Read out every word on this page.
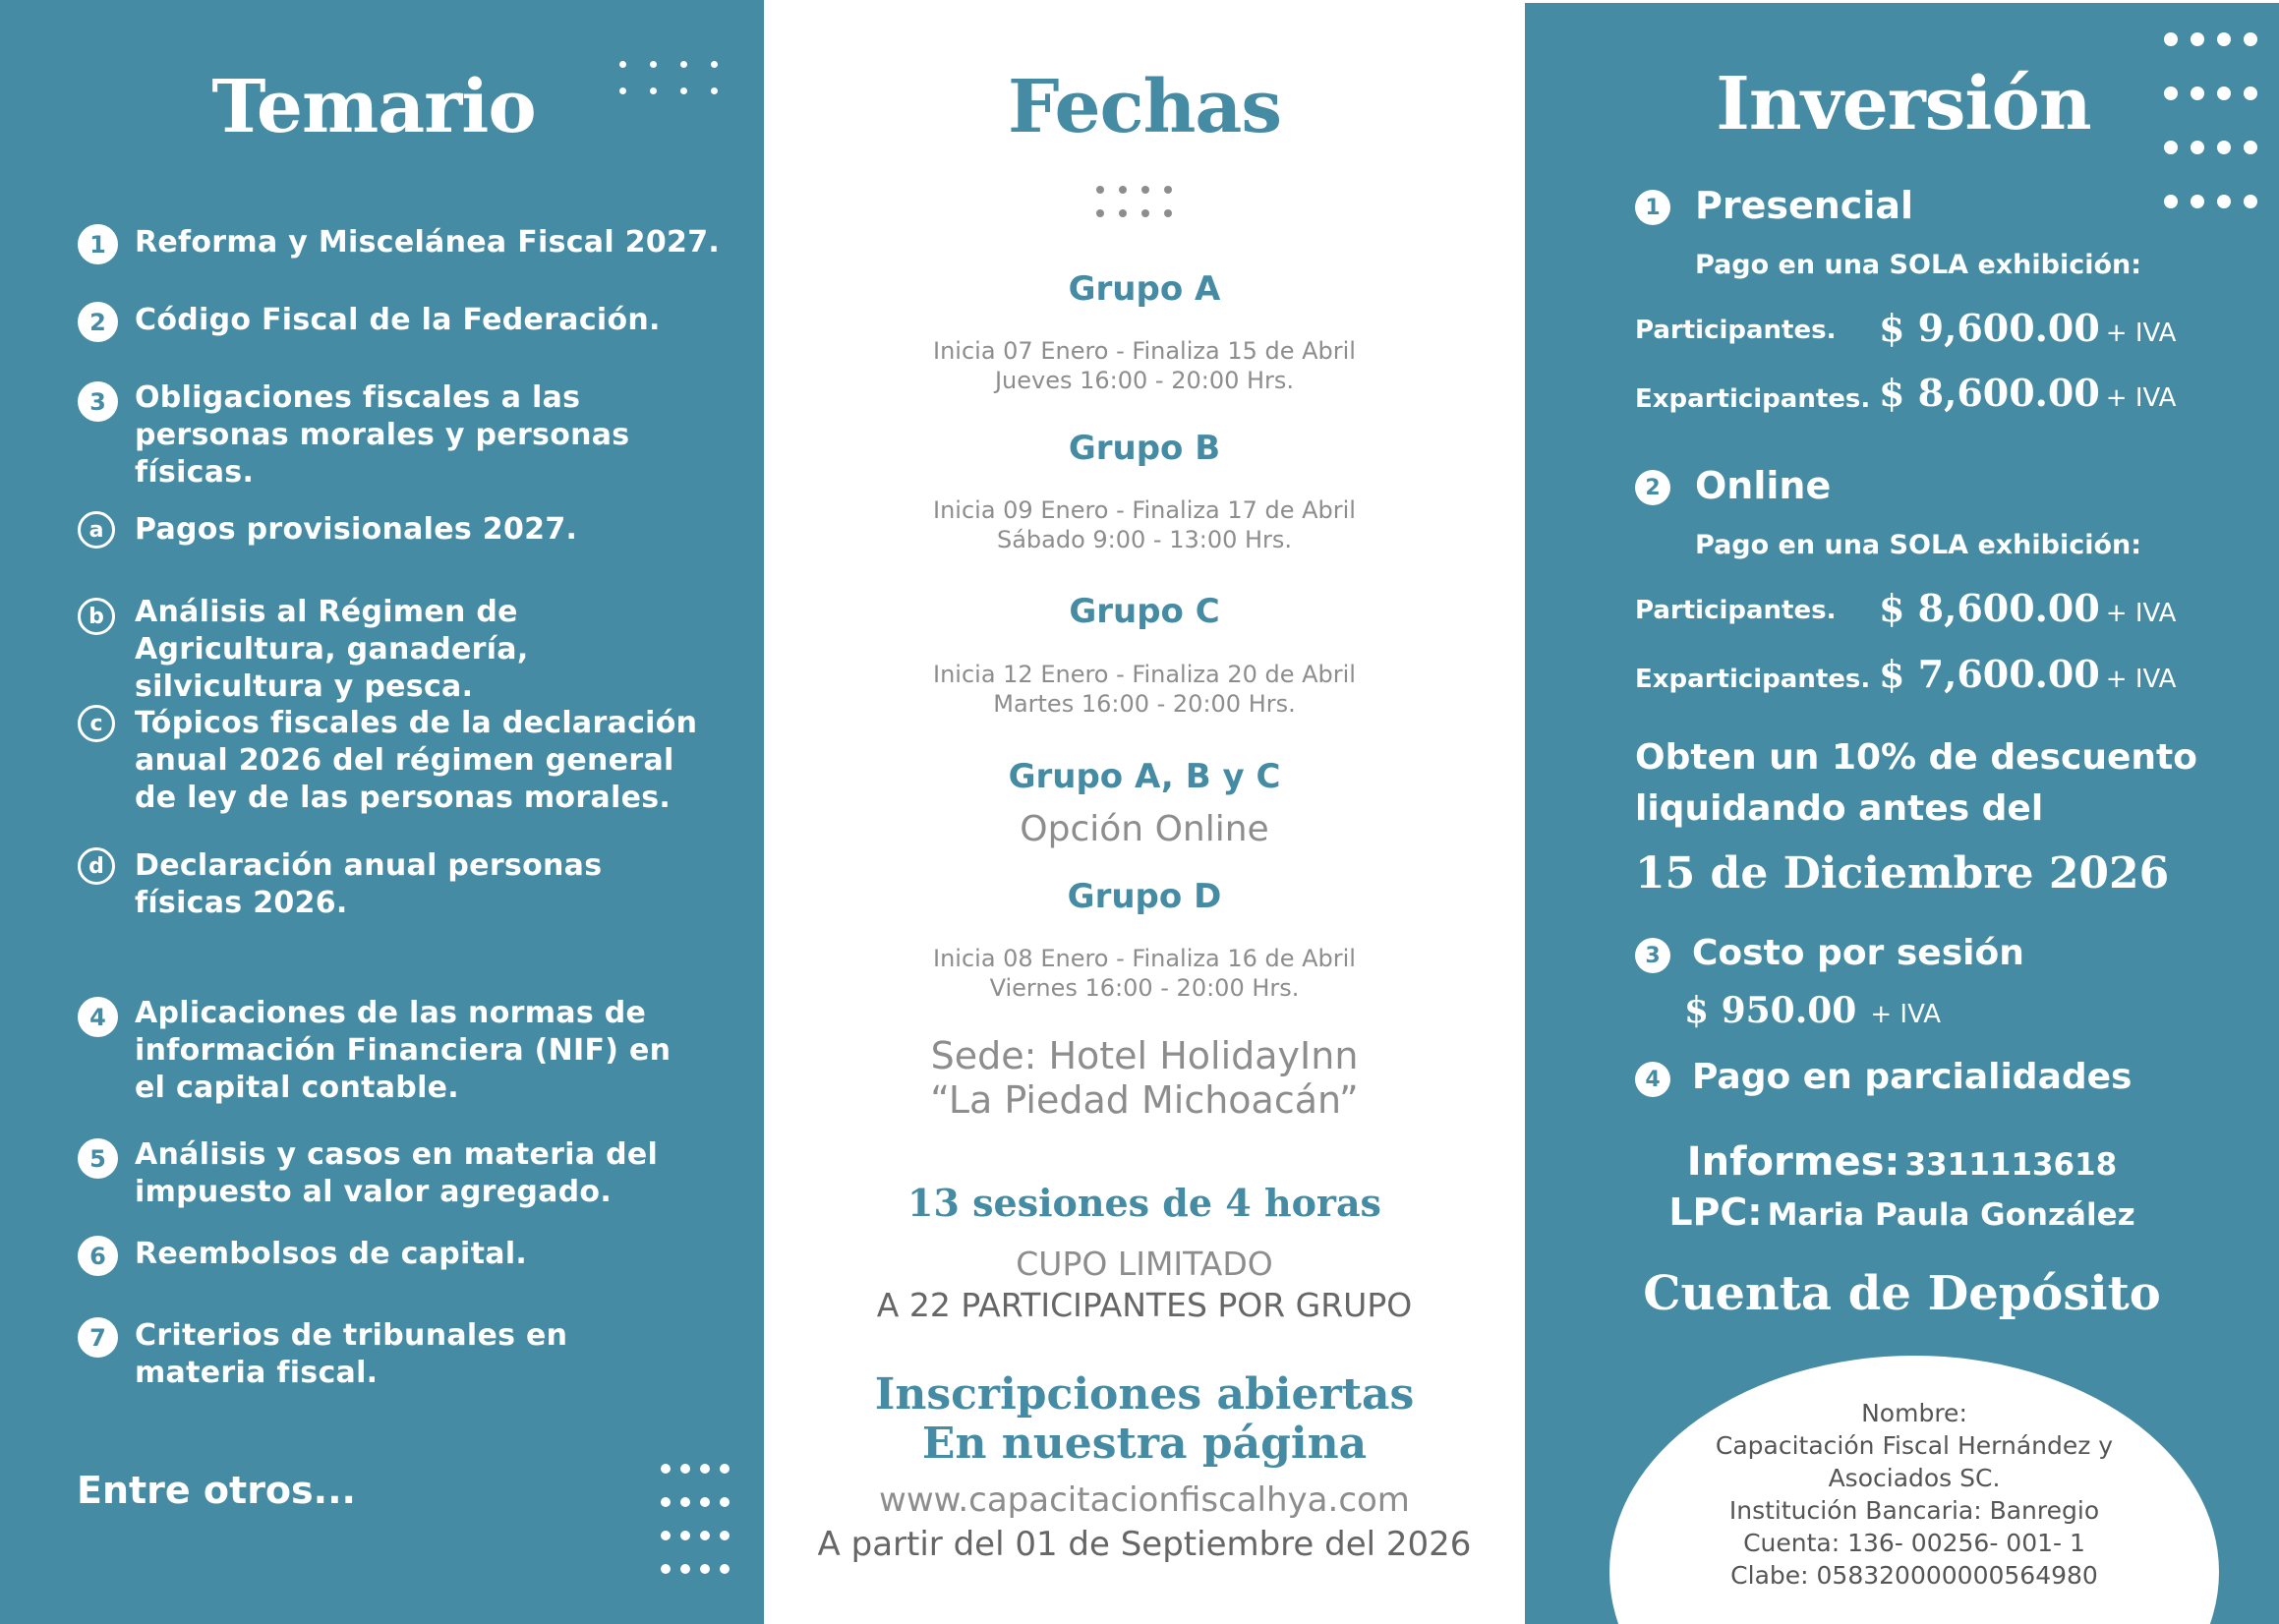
Temario
1 Reforma y Miscelánea Fiscal 2027.
2 Código Fiscal de la Federación.
3 Obligaciones fiscales a las personas morales y personas físicas.
a	Pagos provisionales 2027.
b	Análisis al Régimen de Agricultura, ganadería, silvicultura y pesca.
c	Tópicos fiscales de la declaración anual 2026 del régimen general de ley de las personas morales.
d	Declaración anual personas físicas 2026.
4 Aplicaciones de las normas de información Financiera (NIF) en el capital contable.
5 Análisis y casos en materia del impuesto al valor agregado.
6 Reembolsos de capital.
7 Criterios de tribunales en materia fiscal.
Entre otros...
Fechas
Grupo A
Inicia 07 Enero - Finaliza 15 de Abril
Jueves 16:00 - 20:00 Hrs.
Grupo B
Inicia 09 Enero - Finaliza 17 de Abril
Sábado 9:00 - 13:00 Hrs.
Grupo C
Inicia 12 Enero - Finaliza 20 de Abril
Martes 16:00 - 20:00 Hrs.
Grupo A, B y C
Opción Online
Grupo D
Inicia 08 Enero - Finaliza 16 de Abril
Viernes 16:00 - 20:00 Hrs.
Sede: Hotel HolidayInn
“La Piedad Michoacán”
13 sesiones de 4 horas
CUPO LIMITADO
A 22 PARTICIPANTES POR GRUPO
Inscripciones abiertas
En nuestra página
www.capacitacionfiscalhya.com
A partir del 01 de Septiembre del 2026
Inversión
1 Presencial
Pago en una SOLA exhibición:
Participantes. $ 9,600.00 + IVA
Exparticipantes. $ 8,600.00 + IVA
2 Online
Pago en una SOLA exhibición:
Participantes. $ 8,600.00 + IVA
Exparticipantes. $ 7,600.00 + IVA
Obten un 10% de descuento
liquidando antes del
15 de Diciembre 2026
3 Costo por sesión
$ 950.00 + IVA
4 Pago en parcialidades
Informes: 3311113618
LPC: Maria Paula González
Cuenta de Depósito
Nombre:
Capacitación Fiscal Hernández y
Asociados SC.
Institución Bancaria: Banregio
Cuenta: 136- 00256- 001- 1
Clabe: 058320000000564980
